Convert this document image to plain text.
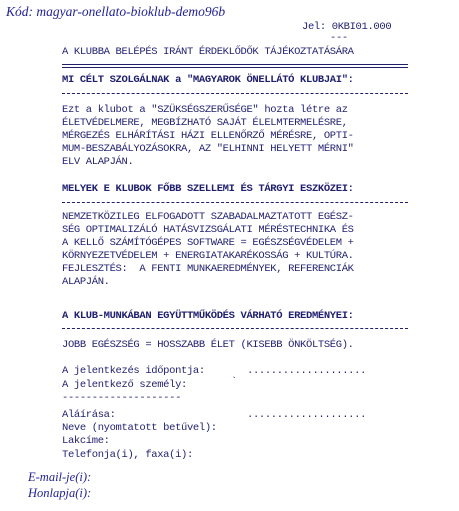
Kód: magyar-onellato-bioklub-demo96b
Jel: 0KBI01.000
---
A KLUBBA BELÉPÉS IRÁNT ÉRDEKLŐDŐK TÁJÉKOZTATÁSÁRA
MI CÉLT SZOLGÁLNAK a "MAGYAROK ÖNELLÁTÓ KLUBJAI":
Ezt a klubot a "SZÜKSÉGSZERŰSÉGE" hozta létre az
ÉLETVÉDELMERE, MEGBÍZHATÓ SAJÁT ÉLELMTERMELÉSRE,
MÉRGEZÉS ELHÁRÍTÁSI HÁZI ELLENŐRZŐ MÉRÉSRE, OPTI-
MUM-BESZABÁLYOZÁSOKRA, AZ "ELHINNI HELYETT MÉRNI"
ELV ALAPJÁN.
MELYEK E KLUBOK FŐBB SZELLEMI ÉS TÁRGYI ESZKÖZEI:
NEMZETKÖZILEG ELFOGADOTT SZABADALMAZTATOTT EGÉSZ-
SÉG OPTIMALIZÁLÓ HATÁSVIZSGÁLATI MÉRÉSTECHNIKA ÉS
A KELLŐ SZÁMÍTÓGÉPES SOFTWARE = EGÉSZSÉGVÉDELEM +
KÖRNYEZETVÉDELEM + ENERGIATAKARÉKOSSÁG + KULTÚRA.
FEJLESZTÉS:  A FENTI MUNKAEREDMÉNYEK, REFERENCIÁK
ALAPJÁN.
A KLUB-MUNKÁBAN EGYÜTTMŰKÖDÉS VÁRHATÓ EREDMÉNYEI:
JOBB EGÉSZSÉG = HOSSZABB ÉLET (KISEBB ÖNKÖLTSÉG).
A jelentkezés időpontja:	....................
A jelentkező személy:	`
--------------------
Aláírása:	....................
Neve (nyomtatott betűvel):
Lakcíme:
Telefonja(i), faxa(i):
E-mail-je(i):
Honlapja(i):
